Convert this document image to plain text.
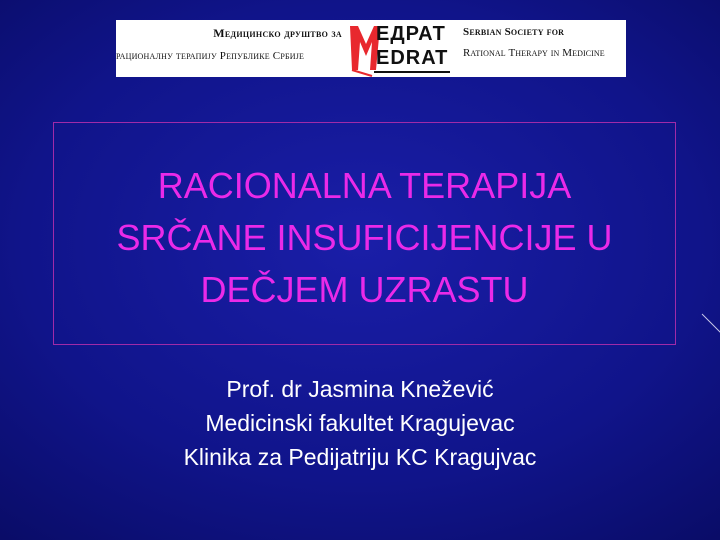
Медицинско друштво за
рационалну терапију Републике Србије
ЕДРАТ
EDRAT
Serbian Society for
Rational Therapy in Medicine
RACIONALNA TERAPIJA
SRČANE INSUFICIJENCIJE U
DEČJEM UZRASTU
Prof. dr Jasmina Knežević
Medicinski fakultet Kragujevac
Klinika za Pedijatriju KC Kragujvac
